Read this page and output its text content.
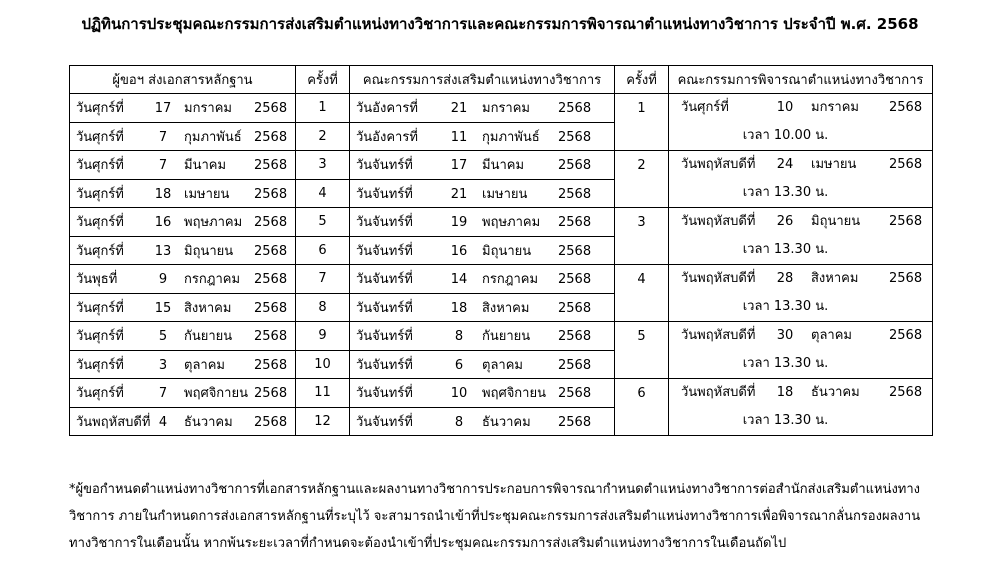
ปฏิทินการประชุมคณะกรรมการส่งเสริมตำแหน่งทางวิชาการและคณะกรรมการพิจารณาตำแหน่งทางวิชาการ ประจำปี พ.ศ. 2568
ผู้ขอฯ ส่งเอกสารหลักฐาน	ครั้งที่	คณะกรรมการส่งเสริมตำแหน่งทางวิชาการ	ครั้งที่	คณะกรรมการพิจารณาตำแหน่งทางวิชาการ
วันศุกร์ที่ 17 มกราคม 2568	1	วันอังคารที่ 21 มกราคม 2568	1	วันศุกร์ที่ 10 มกราคม 2568
เวลา 10.00 น.

วันศุกร์ที่ 7 กุมภาพันธ์ 2568	2	วันอังคารที่ 11 กุมภาพันธ์ 2568		
วันศุกร์ที่ 7 มีนาคม 2568	3	วันจันทร์ที่ 17 มีนาคม 2568	2	วันพฤหัสบดีที่ 24 เมษายน 2568
เวลา 13.30 น.

วันศุกร์ที่ 18 เมษายน 2568	4	วันจันทร์ที่ 21 เมษายน 2568		
วันศุกร์ที่ 16 พฤษภาคม 2568	5	วันจันทร์ที่ 19 พฤษภาคม 2568	3	วันพฤหัสบดีที่ 26 มิถุนายน 2568
เวลา 13.30 น.

วันศุกร์ที่ 13 มิถุนายน 2568	6	วันจันทร์ที่ 16 มิถุนายน 2568		
วันพุธที่ 9 กรกฎาคม 2568	7	วันจันทร์ที่ 14 กรกฎาคม 2568	4	วันพฤหัสบดีที่ 28 สิงหาคม 2568
เวลา 13.30 น.

วันศุกร์ที่ 15 สิงหาคม 2568	8	วันจันทร์ที่ 18 สิงหาคม 2568		
วันศุกร์ที่ 5 กันยายน 2568	9	วันจันทร์ที่ 8 กันยายน 2568	5	วันพฤหัสบดีที่ 30 ตุลาคม 2568
เวลา 13.30 น.

วันศุกร์ที่ 3 ตุลาคม 2568	10	วันจันทร์ที่ 6 ตุลาคม 2568		
วันศุกร์ที่ 7 พฤศจิกายน 2568	11	วันจันทร์ที่ 10 พฤศจิกายน 2568	6	วันพฤหัสบดีที่ 18 ธันวาคม 2568
เวลา 13.30 น.

วันพฤหัสบดีที่ 4 ธันวาคม 2568	12	วันจันทร์ที่ 8 ธันวาคม 2568		
*ผู้ขอกำหนดตำแหน่งทางวิชาการที่เอกสารหลักฐานและผลงานทางวิชาการประกอบการพิจารณากำหนดตำแหน่งทางวิชาการต่อสำนักส่งเสริมตำแหน่งทางวิชาการ ภายในกำหนดการส่งเอกสารหลักฐานที่ระบุไว้ จะสามารถนำเข้าที่ประชุมคณะกรรมการส่งเสริมตำแหน่งทางวิชาการเพื่อพิจารณากลั่นกรองผลงานทางวิชาการในเดือนนั้น หากพ้นระยะเวลาที่กำหนดจะต้องนำเข้าที่ประชุมคณะกรรมการส่งเสริมตำแหน่งทางวิชาการในเดือนถัดไป
